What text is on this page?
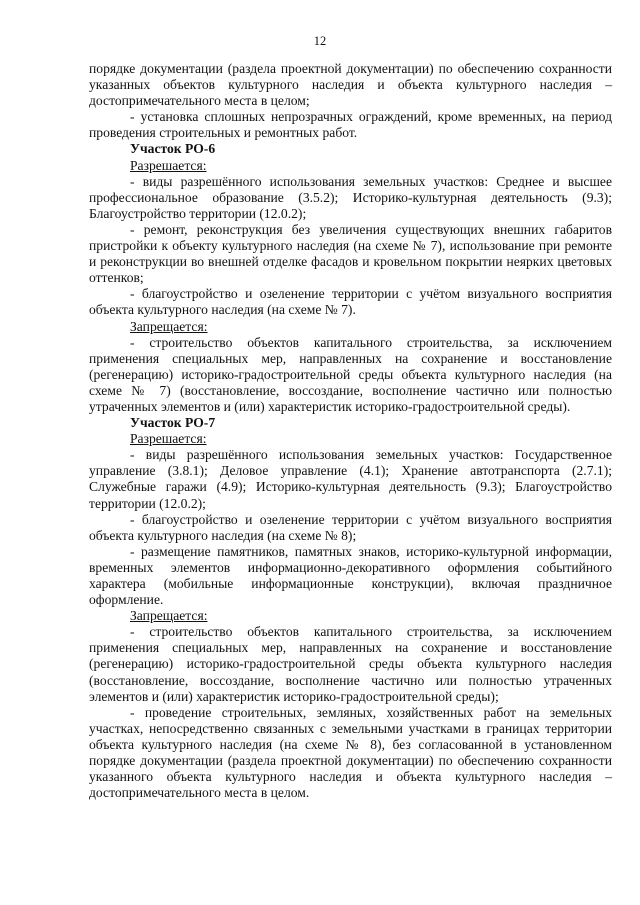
12

порядке документации (раздела проектной документации) по обеспечению сохранности указанных объектов культурного наследия и объекта культурного наследия – достопримечательного места в целом;

- установка сплошных непрозрачных ограждений, кроме временных, на период проведения строительных и ремонтных работ.

Участок РО-6

Разрешается:

- виды разрешённого использования земельных участков: Среднее и высшее профессиональное образование (3.5.2); Историко-культурная деятельность (9.3); Благоустройство территории (12.0.2);

- ремонт, реконструкция без увеличения существующих внешних габаритов пристройки к объекту культурного наследия (на схеме № 7), использование при ремонте и реконструкции во внешней отделке фасадов и кровельном покрытии неярких цветовых оттенков;

- благоустройство и озеленение территории с учётом визуального восприятия объекта культурного наследия (на схеме № 7).

Запрещается:

- строительство объектов капитального строительства, за исключением применения специальных мер, направленных на сохранение и восстановление (регенерацию) историко-градостроительной среды объекта культурного наследия (на схеме № 7) (восстановление, воссоздание, восполнение частично или полностью утраченных элементов и (или) характеристик историко-градостроительной среды).

Участок РО-7

Разрешается:

- виды разрешённого использования земельных участков: Государственное управление (3.8.1); Деловое управление (4.1); Хранение автотранспорта (2.7.1); Служебные гаражи (4.9); Историко-культурная деятельность (9.3); Благоустройство территории (12.0.2);

- благоустройство и озеленение территории с учётом визуального восприятия объекта культурного наследия (на схеме № 8);

- размещение памятников, памятных знаков, историко-культурной информации, временных элементов информационно-декоративного оформления событийного характера (мобильные информационные конструкции), включая праздничное оформление.

Запрещается:

- строительство объектов капитального строительства, за исключением применения специальных мер, направленных на сохранение и восстановление (регенерацию) историко-градостроительной среды объекта культурного наследия (восстановление, воссоздание, восполнение частично или полностью утраченных элементов и (или) характеристик историко-градостроительной среды);

- проведение строительных, земляных, хозяйственных работ на земельных участках, непосредственно связанных с земельными участками в границах территории объекта культурного наследия (на схеме № 8), без согласованной в установленном порядке документации (раздела проектной документации) по обеспечению сохранности указанного объекта культурного наследия и объекта культурного наследия – достопримечательного места в целом.
